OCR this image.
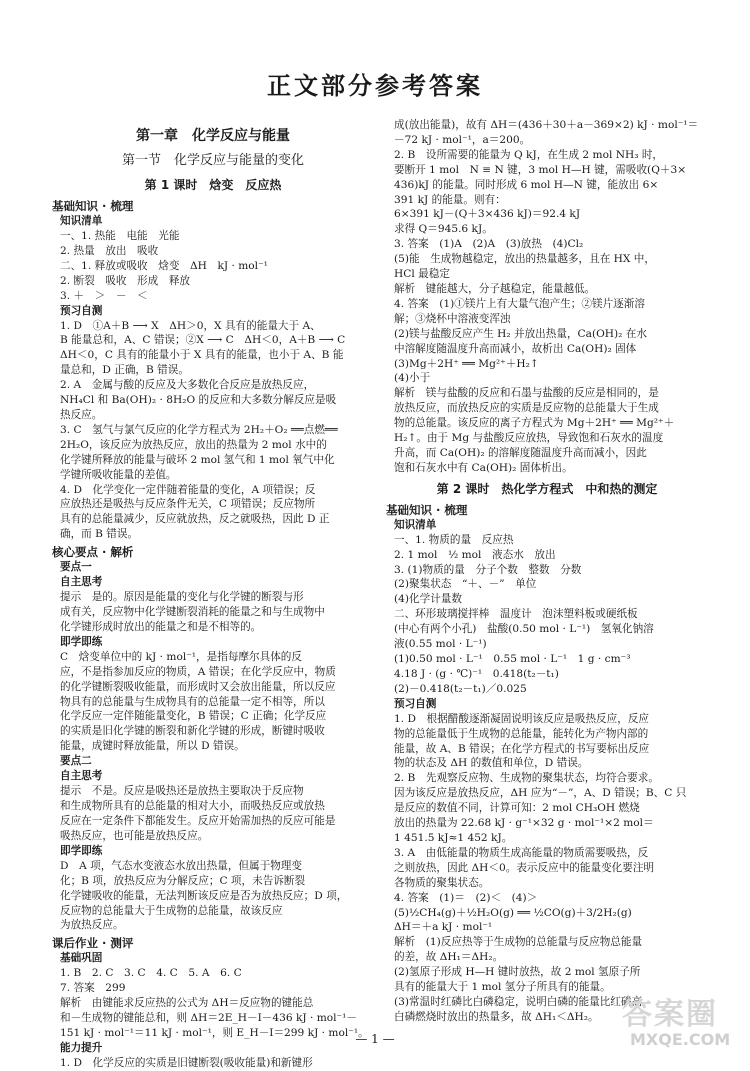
正文部分参考答案
第一章　化学反应与能量
第一节　化学反应与能量的变化
第 1 课时　焓变　反应热
基础知识 · 梳理
知识清单
一、1. 热能　电能　光能
2. 热量　放出　吸收
二、1. 释放或吸收　焓变　ΔH　kJ · mol⁻¹
2. 断裂　吸收　形成　释放
3. ＋　＞　－　＜
预习自测
1. D　①A＋B ⟶ X　ΔH＞0，X 具有的能量大于 A、
B 能量总和，A、C 错误；②X ⟶ C　ΔH＜0，A＋B ⟶ C
ΔH＜0，C 具有的能量小于 X 具有的能量，也小于 A、B 能
量总和，D 正确，B 错误。
2. A　金属与酸的反应及大多数化合反应是放热反应，
NH₄Cl 和 Ba(OH)₂ · 8H₂O 的反应和大多数分解反应是吸
热反应。
3. C　氢气与氯气反应的化学方程式为 2H₂＋O₂ ══点燃══
2H₂O，该反应为放热反应，放出的热量为 2 mol 水中的
化学键所释放的能量与破坏 2 mol 氢气和 1 mol 氧气中化
学键所吸收能量的差值。
4. D　化学变化一定伴随着能量的变化，A 项错误；反
应放热还是吸热与反应条件无关，C 项错误；反应物所
具有的总能量减少，反应就放热，反之就吸热，因此 D 正
确，而 B 错误。
核心要点 · 解析
要点一
自主思考
提示　是的。原因是能量的变化与化学键的断裂与形
成有关，反应物中化学键断裂消耗的能量之和与生成物中
化学键形成时放出的能量之和是不相等的。
即学即练
C　焓变单位中的 kJ · mol⁻¹，是指每摩尔具体的反
应，不是指参加反应的物质，A 错误；在化学反应中，物质
的化学键断裂吸收能量，而形成时又会放出能量，所以反应
物具有的总能量与生成物具有的总能量一定不相等，所以
化学反应一定伴随能量变化，B 错误；C 正确；化学反应
的实质是旧化学键的断裂和新化学键的形成，断键时吸收
能量，成键时释放能量，所以 D 错误。
要点二
自主思考
提示　不是。反应是吸热还是放热主要取决于反应物
和生成物所具有的总能量的相对大小，而吸热反应或放热
反应在一定条件下都能发生。反应开始需加热的反应可能是
吸热反应，也可能是放热反应。
即学即练
D　A 项，气态水变液态水放出热量，但属于物理变
化；B 项，放热反应为分解反应；C 项，未告诉断裂
化学键吸收的能量，无法判断该反应是否为放热反应；D 项，
反应物的总能量大于生成物的总能量，故该反应
为放热反应。
课后作业 · 测评
基础巩固
1. B　2. C　3. C　4. C　5. A　6. C
7. 答案　299
解析　由键能求反应热的公式为 ΔH＝反应物的键能总
和－生成物的键能总和，则 ΔH＝2E_H－I－436 kJ · mol⁻¹－
151 kJ · mol⁻¹＝11 kJ · mol⁻¹，则 E_H－I＝299 kJ · mol⁻¹。
能力提升
1. D　化学反应的实质是旧键断裂(吸收能量)和新键形
成(放出能量)，故有 ΔH＝(436＋30＋a－369×2) kJ · mol⁻¹＝
－72 kJ · mol⁻¹，a＝200。
2. B　设所需要的能量为 Q kJ，在生成 2 mol NH₃ 时，
要断开 1 mol　N ≡ N 键，3 mol H—H 键，需吸收(Q＋3×
436)kJ 的能量。同时形成 6 mol H—N 键，能放出 6×
391 kJ 的能量。则有：
6×391 kJ－(Q＋3×436 kJ)＝92.4 kJ
求得 Q＝945.6 kJ。
3. 答案　(1)A　(2)A　(3)放热　(4)Cl₂
(5)能　生成物越稳定，放出的热量越多，且在 HX 中，
HCl 最稳定
解析　键能越大，分子越稳定，能量越低。
4. 答案　(1)①镁片上有大量气泡产生；②镁片逐渐溶
解；③烧杯中溶液变浑浊
(2)镁与盐酸反应产生 H₂ 并放出热量，Ca(OH)₂ 在水
中溶解度随温度升高而减小，故析出 Ca(OH)₂ 固体
(3)Mg＋2H⁺ ══ Mg²⁺＋H₂↑
(4)小于
解析　镁与盐酸的反应和石墨与盐酸的反应是相同的，是
放热反应，而放热反应的实质是反应物的总能量大于生成
物的总能量。该反应的离子方程式为 Mg＋2H⁺ ══ Mg²⁺＋
H₂↑。由于 Mg 与盐酸反应放热，导致饱和石灰水的温度
升高，而 Ca(OH)₂ 的溶解度随温度升高而减小，因此
饱和石灰水中有 Ca(OH)₂ 固体析出。
第 2 课时　热化学方程式　中和热的测定
基础知识 · 梳理
知识清单
一、1. 物质的量　反应热
2. 1 mol　½ mol　液态水　放出
3. (1)物质的量　分子个数　整数　分数
(2)聚集状态　“＋、－”　单位
(4)化学计量数
二、环形玻璃搅拌棒　温度计　泡沫塑料板或硬纸板
(中心有两个小孔)　盐酸(0.50 mol · L⁻¹)　氢氧化钠溶
液(0.55 mol · L⁻¹)
(1)0.50 mol · L⁻¹　0.55 mol · L⁻¹　1 g · cm⁻³
4.18 J · (g · ℃)⁻¹　0.418(t₂－t₁)
(2)－0.418(t₂－t₁)／0.025
预习自测
1. D　根据醋酸逐渐凝固说明该反应是吸热反应，反应
物的总能量低于生成物的总能量，能转化为产物内部的
能量，故 A、B 错误；在化学方程式的书写要标出反应
物的状态及 ΔH 的数值和单位，D 错误。
2. B　先观察反应物、生成物的聚集状态，均符合要求。
因为该反应是放热反应，ΔH 应为“－”，A、D 错误；B、C 只
是反应的数值不同，计算可知：2 mol CH₃OH 燃烧
放出的热量为 22.68 kJ · g⁻¹×32 g · mol⁻¹×2 mol＝
1 451.5 kJ≈1 452 kJ。
3. A　由低能量的物质生成高能量的物质需要吸热，反
之则放热，因此 ΔH＜0。表示反应中的能量变化要注明
各物质的聚集状态。
4. 答案　(1)＝　(2)＜　(4)＞
(5)½CH₄(g)＋½H₂O(g) ══ ½CO(g)＋3/2H₂(g)
ΔH＝＋a kJ · mol⁻¹
解析　(1)反应热等于生成物的总能量与反应物总能量
的差，故 ΔH₁＝ΔH₂。
(2)氢原子形成 H—H 键时放热，故 2 mol 氢原子所
具有的能量大于 1 mol 氢分子所具有的能量。
(3)常温时红磷比白磷稳定，说明白磷的能量比红磷高，
白磷燃烧时放出的热量多，故 ΔH₁＜ΔH₂。
— 1 —
答案圈
MXQE.COM
